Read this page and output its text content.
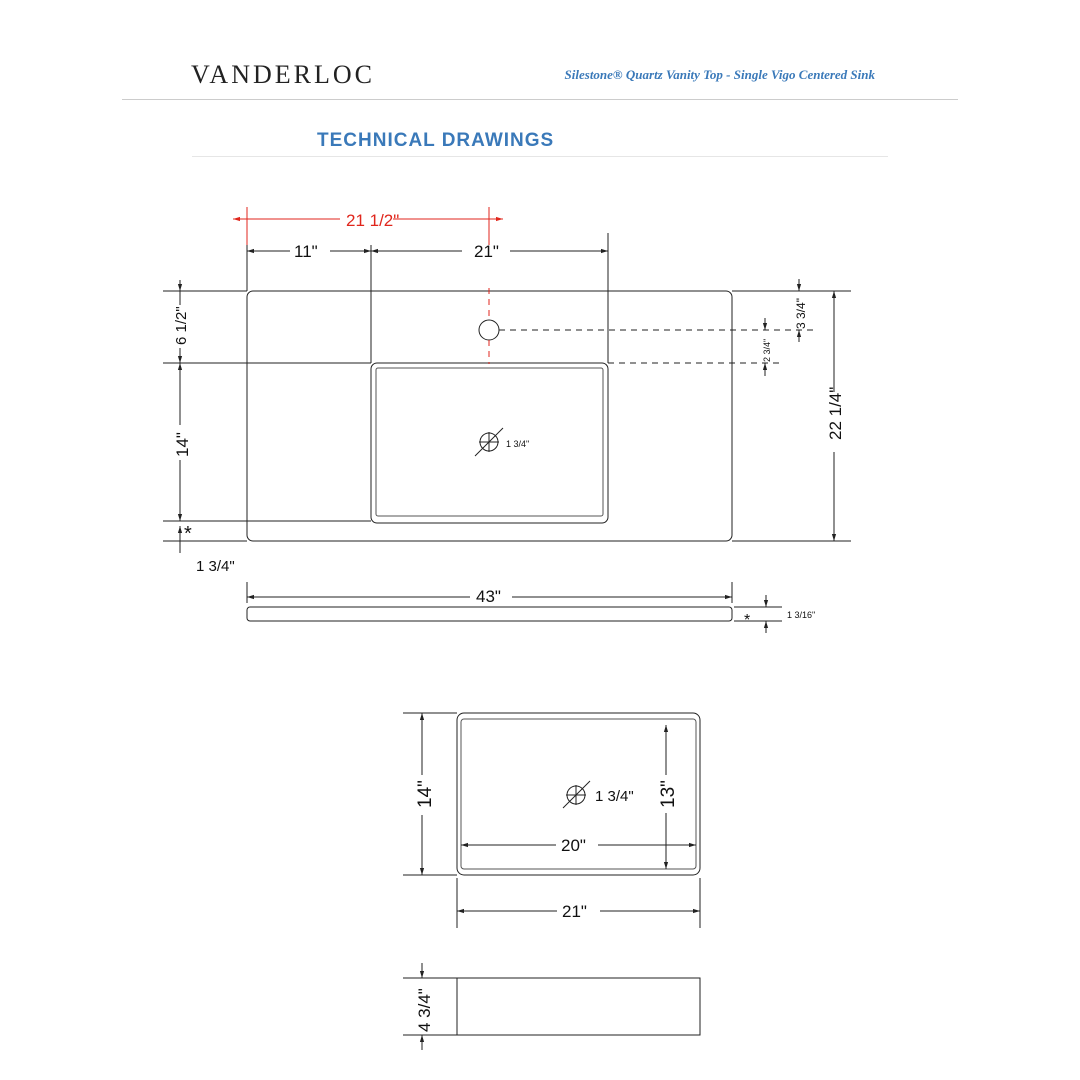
VANDERLOC	Silestone® Quartz Vanity Top - Single Vigo Centered Sink
TECHNICAL DRAWINGS
21 1/2"
11"	21"
6 1/2"
14"
*
1 3/4"
3 3/4"
2 3/4"
22 1/4"
1 3/4"
43"
*	1 3/16"
14"	13"
20"
21"
1 3/4"
4 3/4"
